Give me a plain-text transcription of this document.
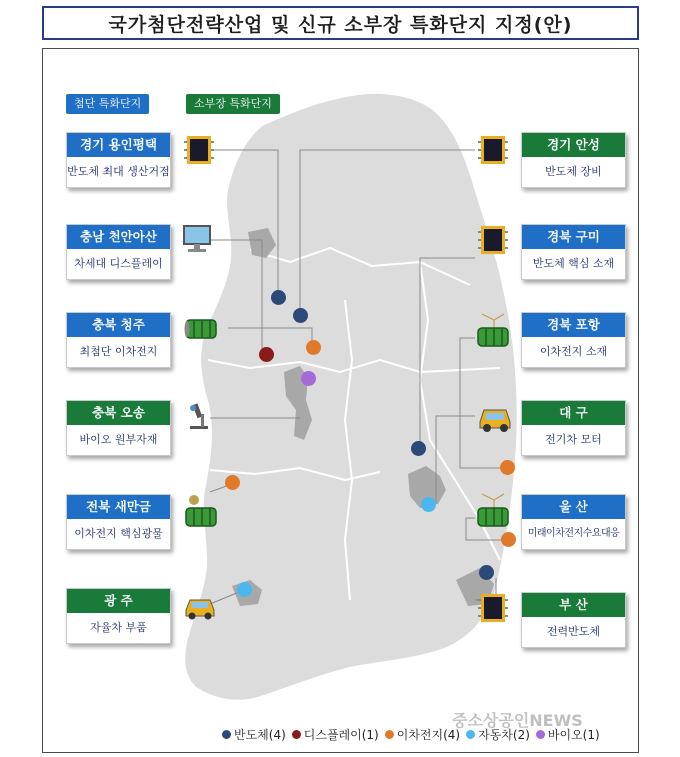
국가첨단전략산업 및 신규 소부장 특화단지 지정(안)
첨단 특화단지	소부장 특화단지
경기 용인평택
반도체 최대 생산거점
충남 천안아산
차세대 디스플레이
충북 청주
최첨단 이차전지
충북 오송
바이오 원부자재
전북 새만금
이차전지 핵심광물
광 주
자율차 부품
경기 안성
반도체 장비
경북 구미
반도체 핵심 소재
경북 포항
이차전지 소재
대 구
전기차 모터
울 산
미래이차전지수요대응
부 산
전력반도체
중소상공인NEWS
반도체(4) 디스플레이(1) 이차전지(4) 자동차(2) 바이오(1)
